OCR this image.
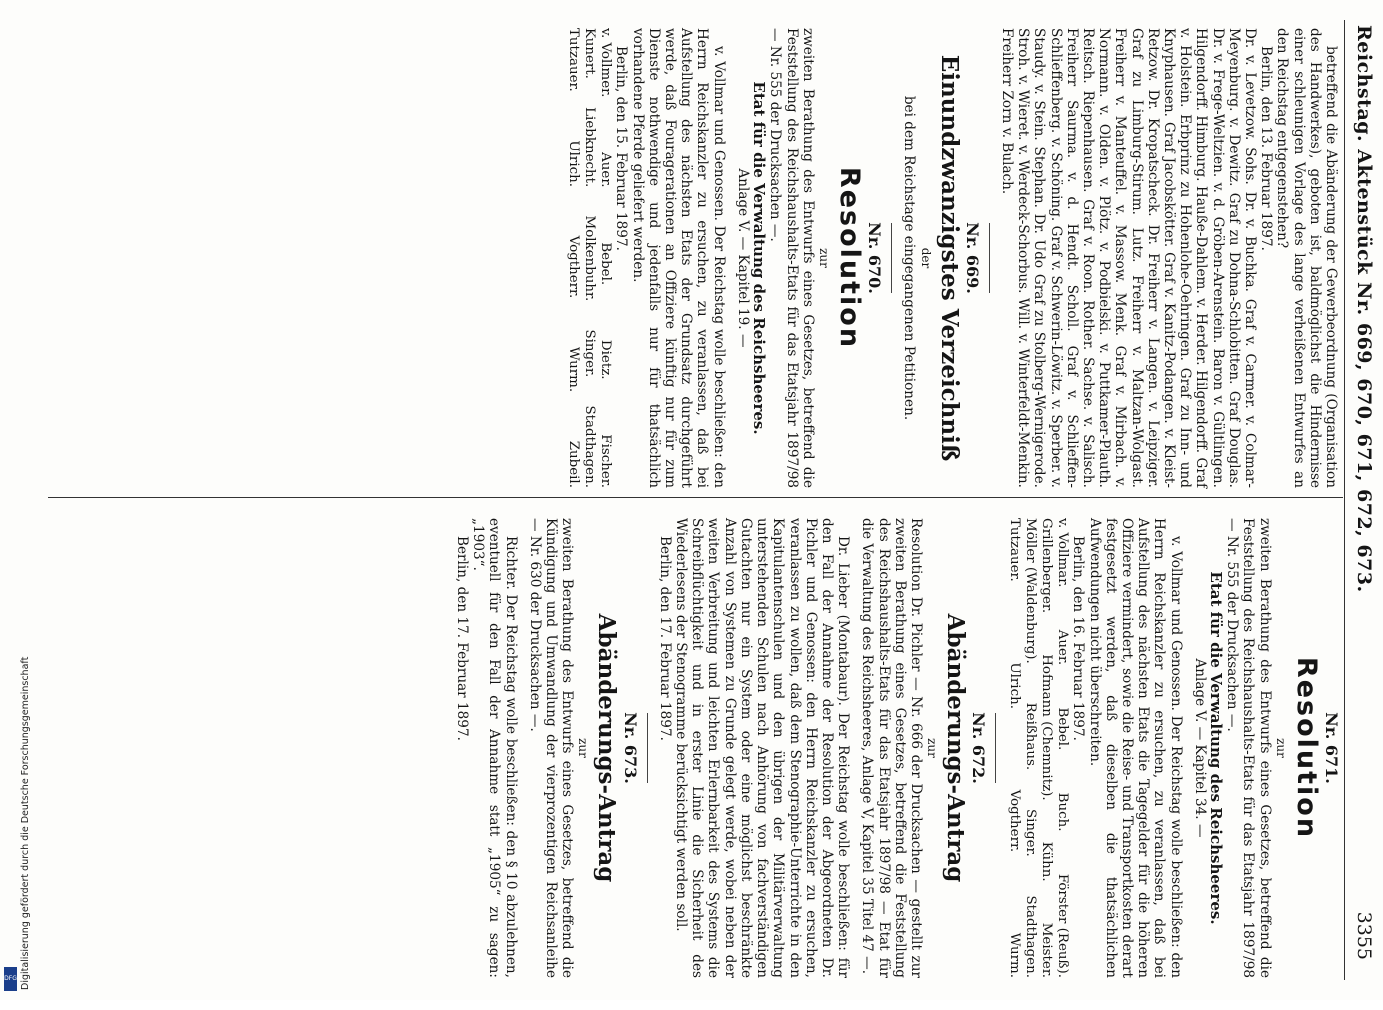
Reichstag. Aktenstück Nr. 669, 670, 671, 672, 673.
3355

betreffend die Abänderung der Gewerbeordnung (Organisation des Handwerkes), geboten ist, baldmöglichst die Hindernisse einer schleunigen Vorlage des lange verheißenen Entwurfes an den Reichstag entgegenstehen?

Berlin, den 13. Februar 1897.

Dr. v. Levetzow. Sohs. Dr. v. Buchka. Graf v. Carmer. v. Colmar-Meyenburg. v. Dewitz. Graf zu Dohna-Schlobitten. Graf Douglas. Dr. v. Frege-Weltzien. v. d. Gröben-Arenstein. Baron v. Gültlingen. Hilgendorff. Himburg. Hauße-Dahlem. v. Herder. Hilgendorff. Graf v. Holstein. Erbprinz zu Hohenlohe-Oehringen. Graf zu Inn- und Knyphausen. Graf Jacobskötter. Graf v. Kanitz-Podangen. v. Kleist-Retzow. Dr. Kropatscheck. Dr. Freiherr v. Langen. v. Leipziger. Graf zu Limburg-Stirum. Lutz. Freiherr v. Maltzan-Wolgast. Freiherr v. Manteuffel. v. Massow. Menk. Graf v. Mirbach. v. Normann. v. Olden. v. Plötz. v. Podbielski. v. Puttkamer-Plauth. Reitsch. Riepenhausen. Graf v. Roon. Rother. Sachse. v. Salisch. Freiherr Saurma. v. d. Hendt. Scholl. Graf v. Schlieffen-Schlieffenberg. v. Schöning. Graf v. Schwerin-Löwitz. v. Sperber. v. Staudy. v. Stein. Stephan. Dr. Udo Graf zu Stolberg-Wernigerode. Stroh. v. Wieret. v. Werdeck-Schorbus. Will. v. Winterfeldt-Menkin. Freiherr Zorn v. Bulach.

Nr. 669.

Einundzwanzigstes Verzeichniß

der

bei dem Reichstage eingegangenen Petitionen.

Nr. 670.

Resolution

zur

zweiten Berathung des Entwurfs eines Gesetzes, betreffend die Feststellung des Reichshaushalts-Etats für das Etatsjahr 1897/98 — Nr. 555 der Drucksachen —.

Etat für die Verwaltung des Reichsheeres.

Anlage V. — Kapitel 19. —

v. Vollmar und Genossen. Der Reichstag wolle beschließen: den Herrn Reichskanzler zu ersuchen, zu veranlassen, daß bei Aufstellung des nächsten Etats der Grundsatz durchgeführt werde, daß Fouragerationen an Offiziere künftig nur für zum Dienste nothwendige und jedenfalls nur für thatsächlich vorhandene Pferde geliefert werden.

Berlin, den 15. Februar 1897.

v. Vollmer.
Auer.
Bebel.
Dietz.
Fischer.
Kunert.
Liebknecht.
Molkenbuhr.
Singer.
Stadthagen.
Tutzauer.
Ulrich.
Vogtherr.
Wurm.
Zubeil.

Nr. 671.

Resolution

zur

zweiten Berathung des Entwurfs eines Gesetzes, betreffend die Feststellung des Reichshaushalts-Etats für das Etatsjahr 1897/98 — Nr. 555 der Drucksachen —.

Etat für die Verwaltung des Reichsheeres.

Anlage V. — Kapitel 34. —

v. Vollmar und Genossen. Der Reichstag wolle beschließen: den Herrn Reichskanzler zu ersuchen, zu veranlassen, daß bei Aufstellung des nächsten Etats die Tagegelder für die höheren Offiziere vermindert, sowie die Reise- und Transportkosten derart festgesetzt werden, daß dieselben die thatsächlichen Aufwendungen nicht überschreiten.

Berlin, den 16. Februar 1897.

v. Vollmar.
Auer.
Bebel.
Buch.
Förster (Reuß).
Grillenberger.
Hofmann (Chemnitz).
Kühn.
Meister.
Möller (Waldenburg).
Reißhaus.
Singer.
Stadthagen.
Tutzauer.
Ulrich.
Vogtherr.
Wurm.

Nr. 672.

Abänderungs-Antrag

zur

Resolution Dr. Pichler — Nr. 666 der Drucksachen — gestellt zur zweiten Berathung eines Gesetzes, betreffend die Feststellung des Reichshaushalts-Etats für das Etatsjahr 1897/98 — Etat für die Verwaltung des Reichsheeres, Anlage V, Kapitel 35 Titel 47 —.

Dr. Lieber (Montabaur). Der Reichstag wolle beschließen: für den Fall der Annahme der Resolution der Abgeordneten Dr. Pichler und Genossen: den Herrn Reichskanzler zu ersuchen, veranlassen zu wollen, daß dem Stenographie-Unterrichte in den Kapitulantenschulen und den übrigen der Militärverwaltung unterstehenden Schulen nach Anhörung von fachverständigen Gutachten nur ein System oder eine möglichst beschränkte Anzahl von Systemen zu Grunde gelegt werde, wobei neben der weiten Verbreitung und leichten Erlernbarkeit des Systems die Schreibflüchtigkeit und in erster Linie die Sicherheit des Wiederlesens der Stenogramme berücksichtigt werden soll.

Berlin, den 17. Februar 1897.

Nr. 673.

Abänderungs-Antrag

zur

zweiten Berathung des Entwurfs eines Gesetzes, betreffend die Kündigung und Umwandlung der vierprozentigen Reichsanleihe — Nr. 630 der Drucksachen —.

Richter. Der Reichstag wolle beschließen: den § 10 abzulehnen, eventuell für den Fall der Annahme statt „1905“ zu sagen: „1903“.

Berlin, den 17. Februar 1897.

Digitalisierung gefördert durch die Deutsche Forschungsgemeinschaft
DFG
